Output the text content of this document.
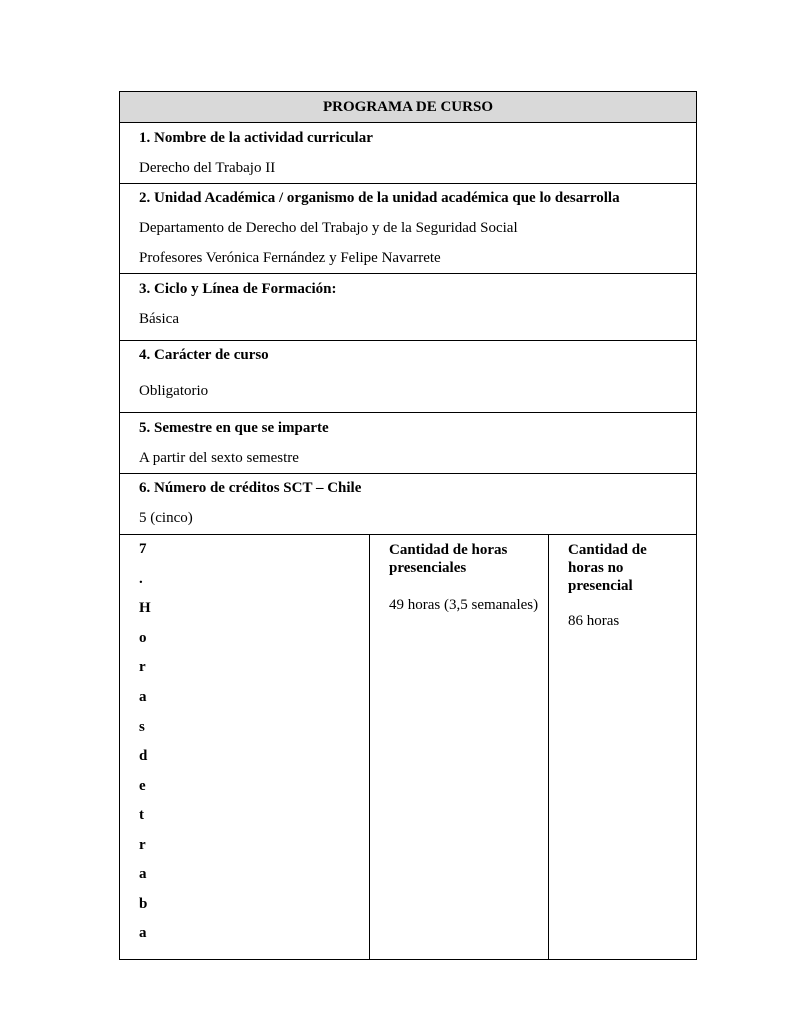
PROGRAMA DE CURSO
1. Nombre de la actividad curricular
Derecho del Trabajo II
2. Unidad Académica / organismo de la unidad académica que lo desarrolla
Departamento de Derecho del Trabajo y de la Seguridad Social
Profesores Verónica Fernández y Felipe Navarrete
3. Ciclo y Línea de Formación:
Básica
4. Carácter de curso
Obligatorio
5. Semestre en que se imparte
A partir del sexto semestre
6. Número de créditos SCT – Chile
5 (cinco)
7
.
H
o
r
a
s
d
e
t
r
a
b
a
Cantidad de horas
presenciales
49 horas (3,5 semanales)
Cantidad de
horas no
presencial
86 horas
